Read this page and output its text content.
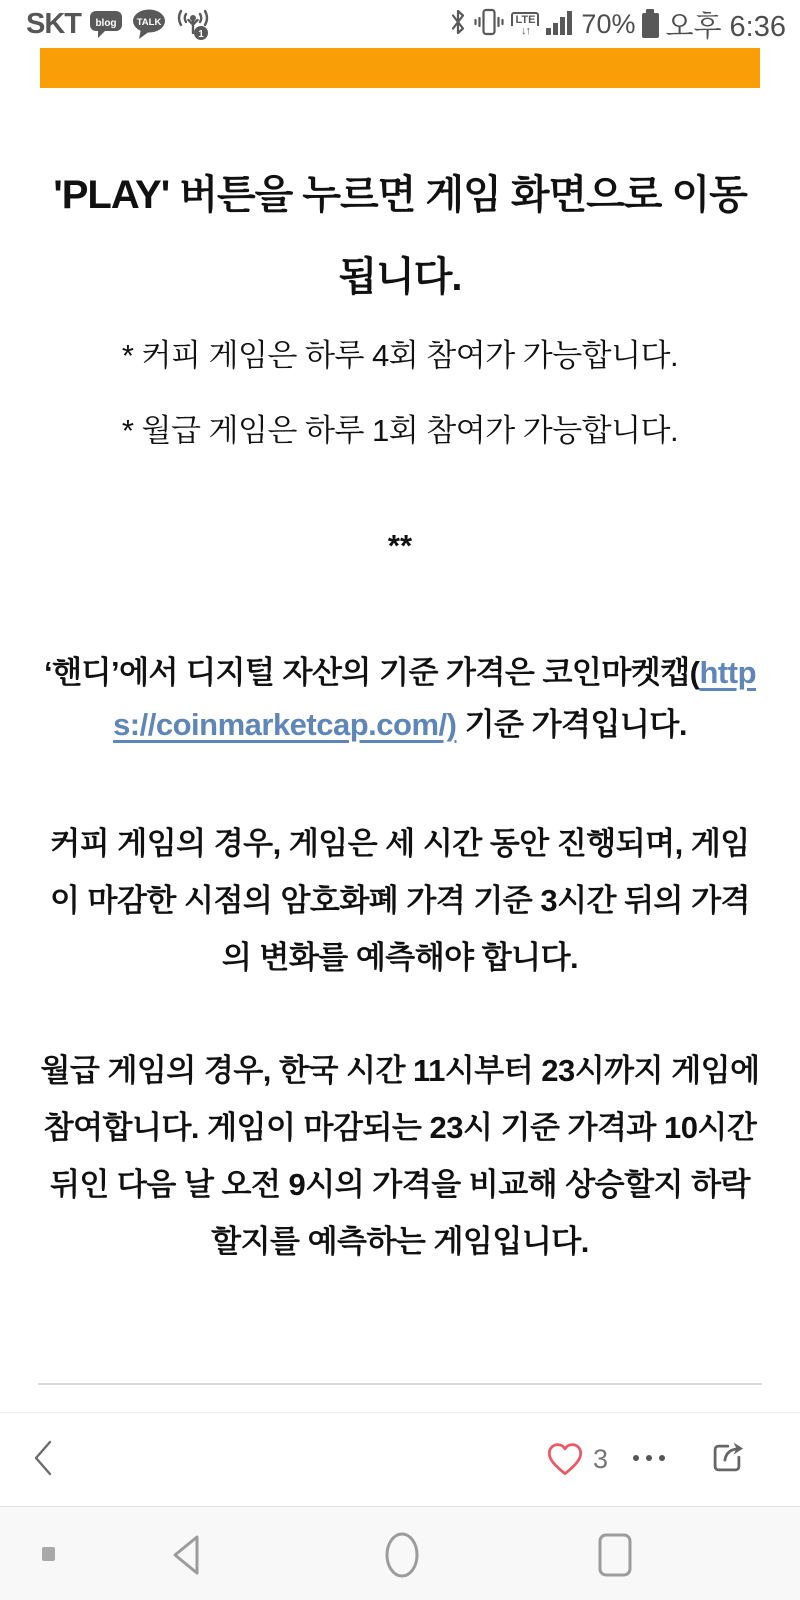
SKT blog TALK
1
LTE
↓↑ 70% 오후 6:36
'PLAY' 버튼을 누르면 게임 화면으로 이동됩니다.

* 커피 게임은 하루 4회 참여가 가능합니다.

* 월급 게임은 하루 1회 참여가 가능합니다.

**

‘핸디’에서 디지털 자산의 기준 가격은 코인마켓캡(https://coinmarketcap.com/) 기준 가격입니다.

커피 게임의 경우, 게임은 세 시간 동안 진행되며, 게임이 마감한 시점의 암호화폐 가격 기준 3시간 뒤의 가격의 변화를 예측해야 합니다.

월급 게임의 경우, 한국 시간 11시부터 23시까지 게임에 참여합니다. 게임이 마감되는 23시 기준 가격과 10시간 뒤인 다음 날 오전 9시의 가격을 비교해 상승할지 하락할지를 예측하는 게임입니다.

3
